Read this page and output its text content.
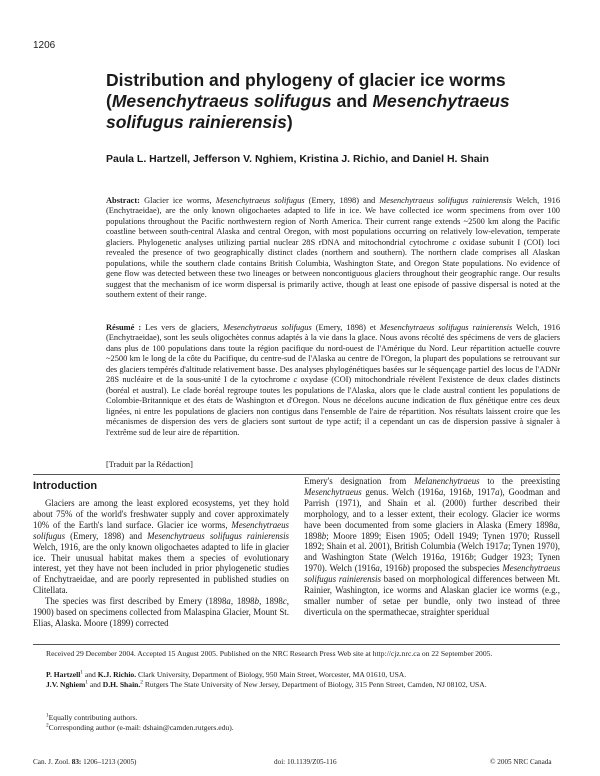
1206
Distribution and phylogeny of glacier ice worms
(Mesenchytraeus solifugus and Mesenchytraeus
solifugus rainierensis)
Paula L. Hartzell, Jefferson V. Nghiem, Kristina J. Richio, and Daniel H. Shain
Abstract: Glacier ice worms, Mesenchytraeus solifugus (Emery, 1898) and Mesenchytraeus solifugus rainierensis Welch, 1916 (Enchytraeidae), are the only known oligochaetes adapted to life in ice. We have collected ice worm specimens from over 100 populations throughout the Pacific northwestern region of North America. Their current range extends ~2500 km along the Pacific coastline between south-central Alaska and central Oregon, with most populations occurring on relatively low-elevation, temperate glaciers. Phylogenetic analyses utilizing partial nuclear 28S rDNA and mitochondrial cytochrome c oxidase subunit I (COI) loci revealed the presence of two geographically distinct clades (northern and southern). The northern clade comprises all Alaskan populations, while the southern clade contains British Columbia, Washington State, and Oregon State populations. No evidence of gene flow was detected between these two lineages or between noncontiguous glaciers throughout their geographic range. Our results suggest that the mechanism of ice worm dispersal is primarily active, though at least one episode of passive dispersal is noted at the southern extent of their range.
Résumé : Les vers de glaciers, Mesenchytraeus solifugus (Emery, 1898) et Mesenchytraeus solifugus rainierensis Welch, 1916 (Enchytraeidae), sont les seuls oligochètes connus adaptés à la vie dans la glace. Nous avons récolté des spécimens de vers de glaciers dans plus de 100 populations dans toute la région pacifique du nord-ouest de l'Amérique du Nord. Leur répartition actuelle couvre ~2500 km le long de la côte du Pacifique, du centre-sud de l'Alaska au centre de l'Oregon, la plupart des populations se retrouvant sur des glaciers tempérés d'altitude relativement basse. Des analyses phylogénétiques basées sur le séquençage partiel des locus de l'ADNr 28S nucléaire et de la sous-unité I de la cytochrome c oxydase (COI) mitochondriale révèlent l'existence de deux clades distincts (boréal et austral). Le clade boréal regroupe toutes les populations de l'Alaska, alors que le clade austral contient les populations de Colombie-Britannique et des états de Washington et d'Oregon. Nous ne décelons aucune indication de flux génétique entre ces deux lignées, ni entre les populations de glaciers non contigus dans l'ensemble de l'aire de répartition. Nos résultats laissent croire que les mécanismes de dispersion des vers de glaciers sont surtout de type actif; il a cependant un cas de dispersion passive à signaler à l'extrême sud de leur aire de répartition.
[Traduit par la Rédaction]
Introduction

Glaciers are among the least explored ecosystems, yet they hold about 75% of the world's freshwater supply and cover approximately 10% of the Earth's land surface. Glacier ice worms, Mesenchytraeus solifugus (Emery, 1898) and Mesenchytraeus solifugus rainierensis Welch, 1916, are the only known oligochaetes adapted to life in glacier ice. Their unusual habitat makes them a species of evolutionary interest, yet they have not been included in prior phylogenetic studies of Enchytraeidae, and are poorly represented in published studies on Clitellata.

The species was first described by Emery (1898a, 1898b, 1898c, 1900) based on specimens collected from Malaspina Glacier, Mount St. Elias, Alaska. Moore (1899) corrected

Emery's designation from Melanenchytraeus to the preexisting Mesenchytraeus genus. Welch (1916a, 1916b, 1917a), Goodman and Parrish (1971), and Shain et al. (2000) further described their morphology, and to a lesser extent, their ecology. Glacier ice worms have been documented from some glaciers in Alaska (Emery 1898a, 1898b; Moore 1899; Eisen 1905; Odell 1949; Tynen 1970; Russell 1892; Shain et al. 2001), British Columbia (Welch 1917a; Tynen 1970), and Washington State (Welch 1916a, 1916b; Gudger 1923; Tynen 1970). Welch (1916a, 1916b) proposed the subspecies Mesenchytraeus solifugus rainierensis based on morphological differences between Mt. Rainier, Washington, ice worms and Alaskan glacier ice worms (e.g., smaller number of setae per bundle, only two instead of three diverticula on the spermathecae, straighter speridual

Received 29 December 2004. Accepted 15 August 2005. Published on the NRC Research Press Web site at http://cjz.nrc.ca on 22 September 2005.
P. Hartzell$^1$ and K.J. Richio. Clark University, Department of Biology, 950 Main Street, Worcester, MA 01610, USA.
J.V. Nghiem$^1$ and D.H. Shain.$^2$ Rutgers The State University of New Jersey, Department of Biology, 315 Penn Street, Camden, NJ 08102, USA.
$^1$Equally contributing authors.
$^2$Corresponding author (e-mail: dshain@camden.rutgers.edu).
Can. J. Zool. 83: 1206–1213 (2005)	doi: 10.1139/Z05-116	© 2005 NRC Canada
